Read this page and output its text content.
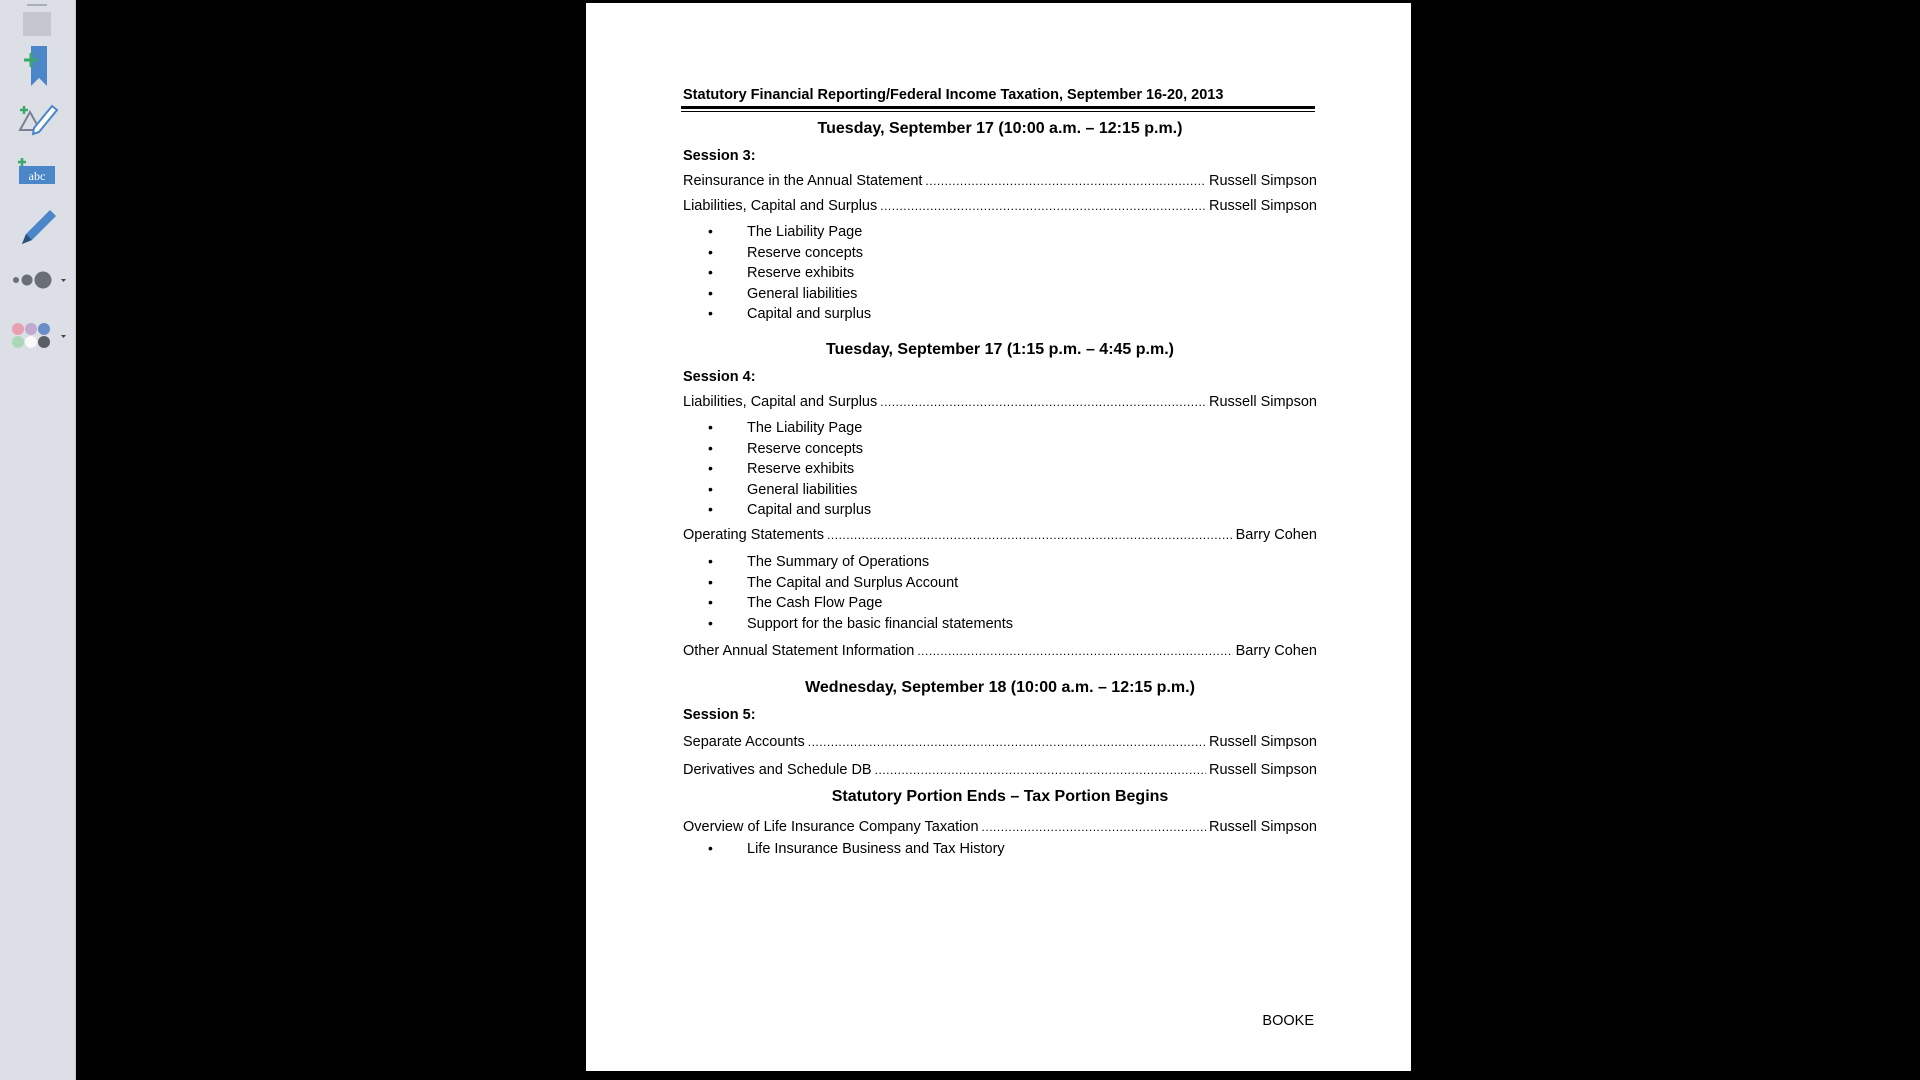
abc
Statutory Financial Reporting/Federal Income Taxation, September 16-20, 2013
Tuesday, September 17 (10:00 a.m. – 12:15 p.m.)
Session 3:
Reinsurance in the Annual Statement .....	Russell Simpson
Liabilities, Capital and Surplus .....	Russell Simpson
• The Liability Page
• Reserve concepts
• Reserve exhibits
• General liabilities
• Capital and surplus
Tuesday, September 17 (1:15 p.m. – 4:45 p.m.)
Session 4:
Liabilities, Capital and Surplus .....	Russell Simpson
• The Liability Page
• Reserve concepts
• Reserve exhibits
• General liabilities
• Capital and surplus
Operating Statements .....	Barry Cohen
• The Summary of Operations
• The Capital and Surplus Account
• The Cash Flow Page
• Support for the basic financial statements
Other Annual Statement Information .....	Barry Cohen
Wednesday, September 18 (10:00 a.m. – 12:15 p.m.)
Session 5:
Separate Accounts .....	Russell Simpson
Derivatives and Schedule DB .....	Russell Simpson
Statutory Portion Ends – Tax Portion Begins
Overview of Life Insurance Company Taxation .....	Russell Simpson
• Life Insurance Business and Tax History
BOOKE
